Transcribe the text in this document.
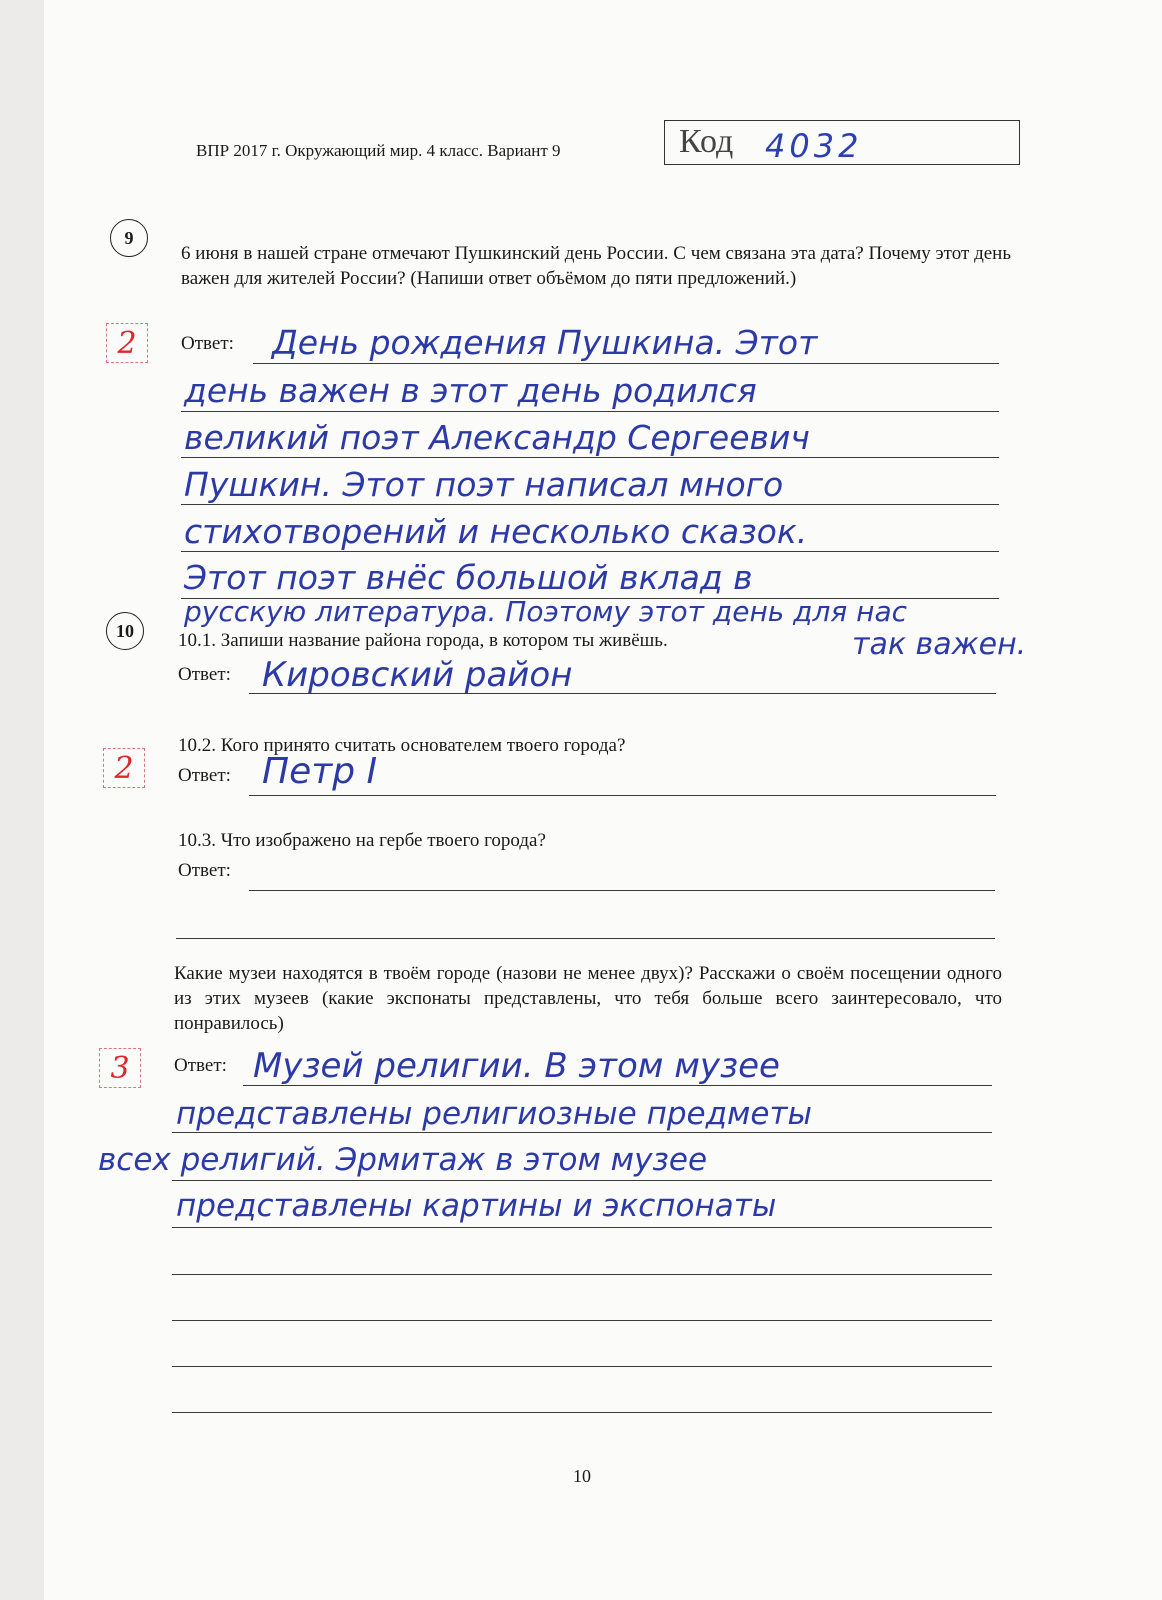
ВПР 2017 г. Окружающий мир. 4 класс. Вариант 9	Код 4032
9
6 июня в нашей стране отмечают Пушкинский день России. С чем связана эта дата? Почему этот день важен для жителей России? (Напиши ответ объёмом до пяти предложений.)
2	Ответ: День рождения Пушкина. Этот
день важен в этот день родился
великий поэт Александр Сергеевич
Пушкин. Этот поэт написал много
стихотворений и несколько сказок.
Этот поэт внёс большой вклад в
русскую литература. Поэтому этот день для нас
так важен.
10	10.1. Запиши название района города, в котором ты живёшь.
Ответ: Кировский район
10.2. Кого принято считать основателем твоего города?
2	Ответ: Петр I
10.3. Что изображено на гербе твоего города?
Ответ:
Какие музеи находятся в твоём городе (назови не менее двух)? Расскажи о своём посещении одного из этих музеев (какие экспонаты представлены, что тебя больше всего заинтересовало, что понравилось)
3	Ответ: Музей религии. В этом музее
представлены религиозные предметы
всех религий. Эрмитаж в этом музее
представлены картины и экспонаты
10
